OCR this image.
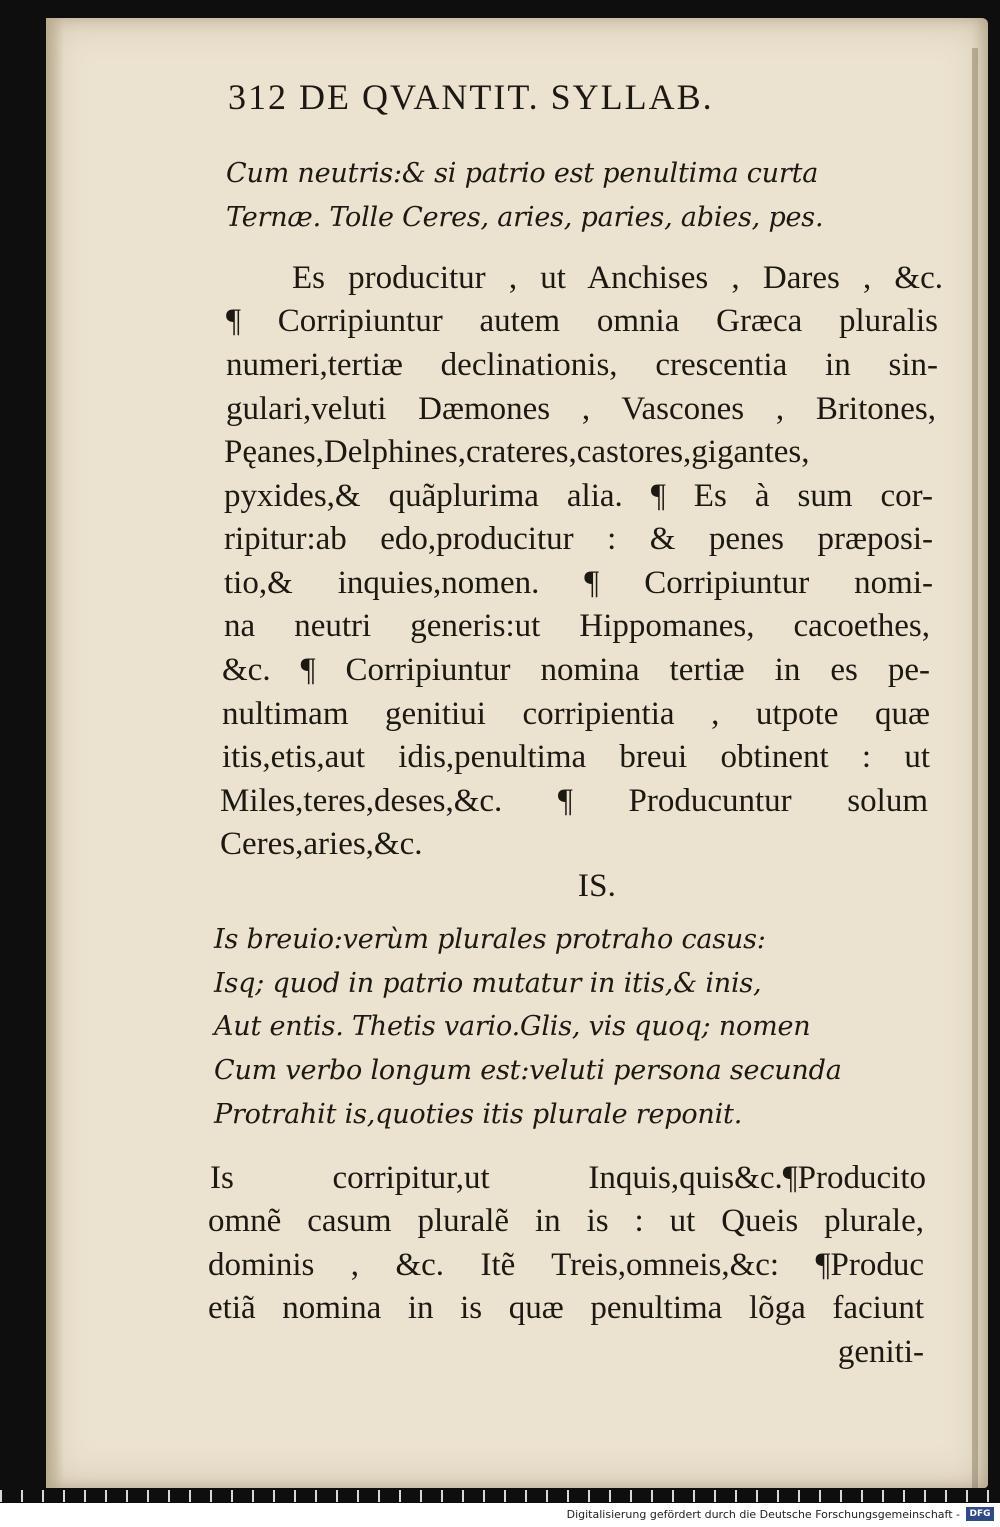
312 DE QVANTIT. SYLLAB.

Cum neutris:& si patrio est penultima curta

Ternæ. Tolle Ceres, aries, paries, abies, pes.

Es producitur , ut Anchises , Dares , &c.

¶ Corripiuntur autem omnia Græca pluralis

numeri,tertiæ declinationis, crescentia in sin-

gulari,veluti Dæmones , Vascones , Britones,

Pęanes,Delphines,crateres,castores,gigantes,

pyxides,& quãplurima alia. ¶ Es à sum cor-

ripitur:ab edo,producitur : & penes præposi-

tio,& inquies,nomen. ¶ Corripiuntur nomi-

na neutri generis:ut Hippomanes, cacoethes,

&c. ¶ Corripiuntur nomina tertiæ in es pe-

nultimam genitiui corripientia , utpote quæ

itis,etis,aut idis,penultima breui obtinent : ut

Miles,teres,deses,&c. ¶ Producuntur solum

Ceres,aries,&c.

IS.

Is breuio:verùm plurales protraho casus:

Isq; quod in patrio mutatur in itis,& inis,

Aut entis. Thetis vario.Glis, vis quoq; nomen

Cum verbo longum est:veluti persona secunda

Protrahit is,quoties itis plurale reponit.

Is corripitur,ut Inquis,quis&c.¶Producito

omnẽ casum pluralẽ in is : ut Queis plurale,

dominis , &c. Itẽ Treis,omneis,&c: ¶Produc

etiã nomina in is quæ penultima lõga faciunt

geniti-

Digitalisierung gefördert durch die Deutsche Forschungsgemeinschaft -	DFG
